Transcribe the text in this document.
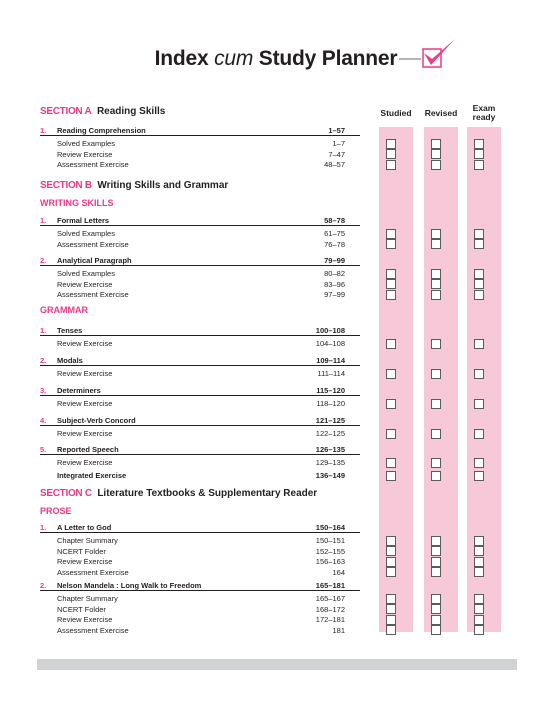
Index cum Study Planner
Studied	Revised	Exam
ready
SECTION A Reading Skills
SECTION B Writing Skills and Grammar
SECTION C Literature Textbooks & Supplementary Reader
WRITING SKILLS
GRAMMAR
PROSE
1. Reading Comprehension	1–57
Solved Examples	1–7
Review Exercise	7–47
Assessment Exercise	48–57
1. Formal Letters	58–78
Solved Examples	61–75
Assessment Exercise	76–78
2. Analytical Paragraph	79–99
Solved Examples	80–82
Review Exercise	83–96
Assessment Exercise	97–99
1. Tenses	100–108
Review Exercise	104–108
2. Modals	109–114
Review Exercise	111–114
3. Determiners	115–120
Review Exercise	118–120
4. Subject-Verb Concord	121–125
Review Exercise	122–125
5. Reported Speech	126–135
Review Exercise	129–135
Integrated Exercise	136–149
1. A Letter to God	150–164
Chapter Summary	150–151
NCERT Folder	152–155
Review Exercise	156–163
Assessment Exercise	164
2. Nelson Mandela : Long Walk to Freedom	165–181
Chapter Summary	165–167
NCERT Folder	168–172
Review Exercise	172–181
Assessment Exercise	181
